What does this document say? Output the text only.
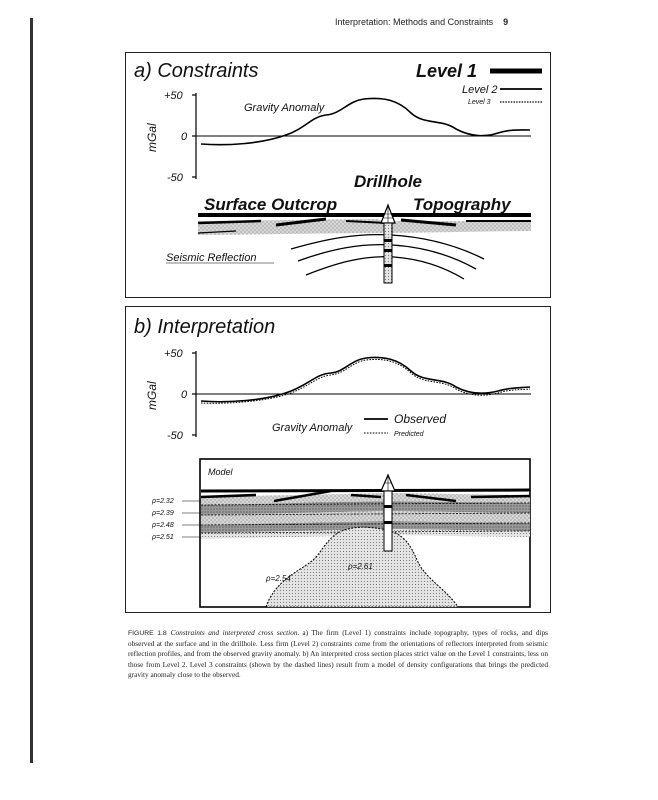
Interpretation: Methods and Constraints 9
a) Constraints	Level 1
Level 2
Level 3
+50
0
-50
mGal
Gravity Anomaly
Drillhole
Surface Outcrop	Topography
Seismic Reflection
b) Interpretation
+50
0
-50
mGal
Gravity Anomaly
Observed
Predicted
Model
ρ=2.54
ρ=2.61
ρ=2.32
ρ=2.39
ρ=2.48
ρ=2.51
FIGURE 1.8 Constraints and interpreted cross section. a) The firm (Level 1) constraints include topography, types of rocks, and dips observed at the surface and in the drillhole. Less firm (Level 2) constraints come from the orientations of reflectors interpreted from seismic reflection profiles, and from the observed gravity anomaly. b) An interpreted cross section places strict value on the Level 1 constraints, less on those from Level 2. Level 3 constraints (shown by the dashed lines) result from a model of density configurations that brings the predicted gravity anomaly close to the observed.
